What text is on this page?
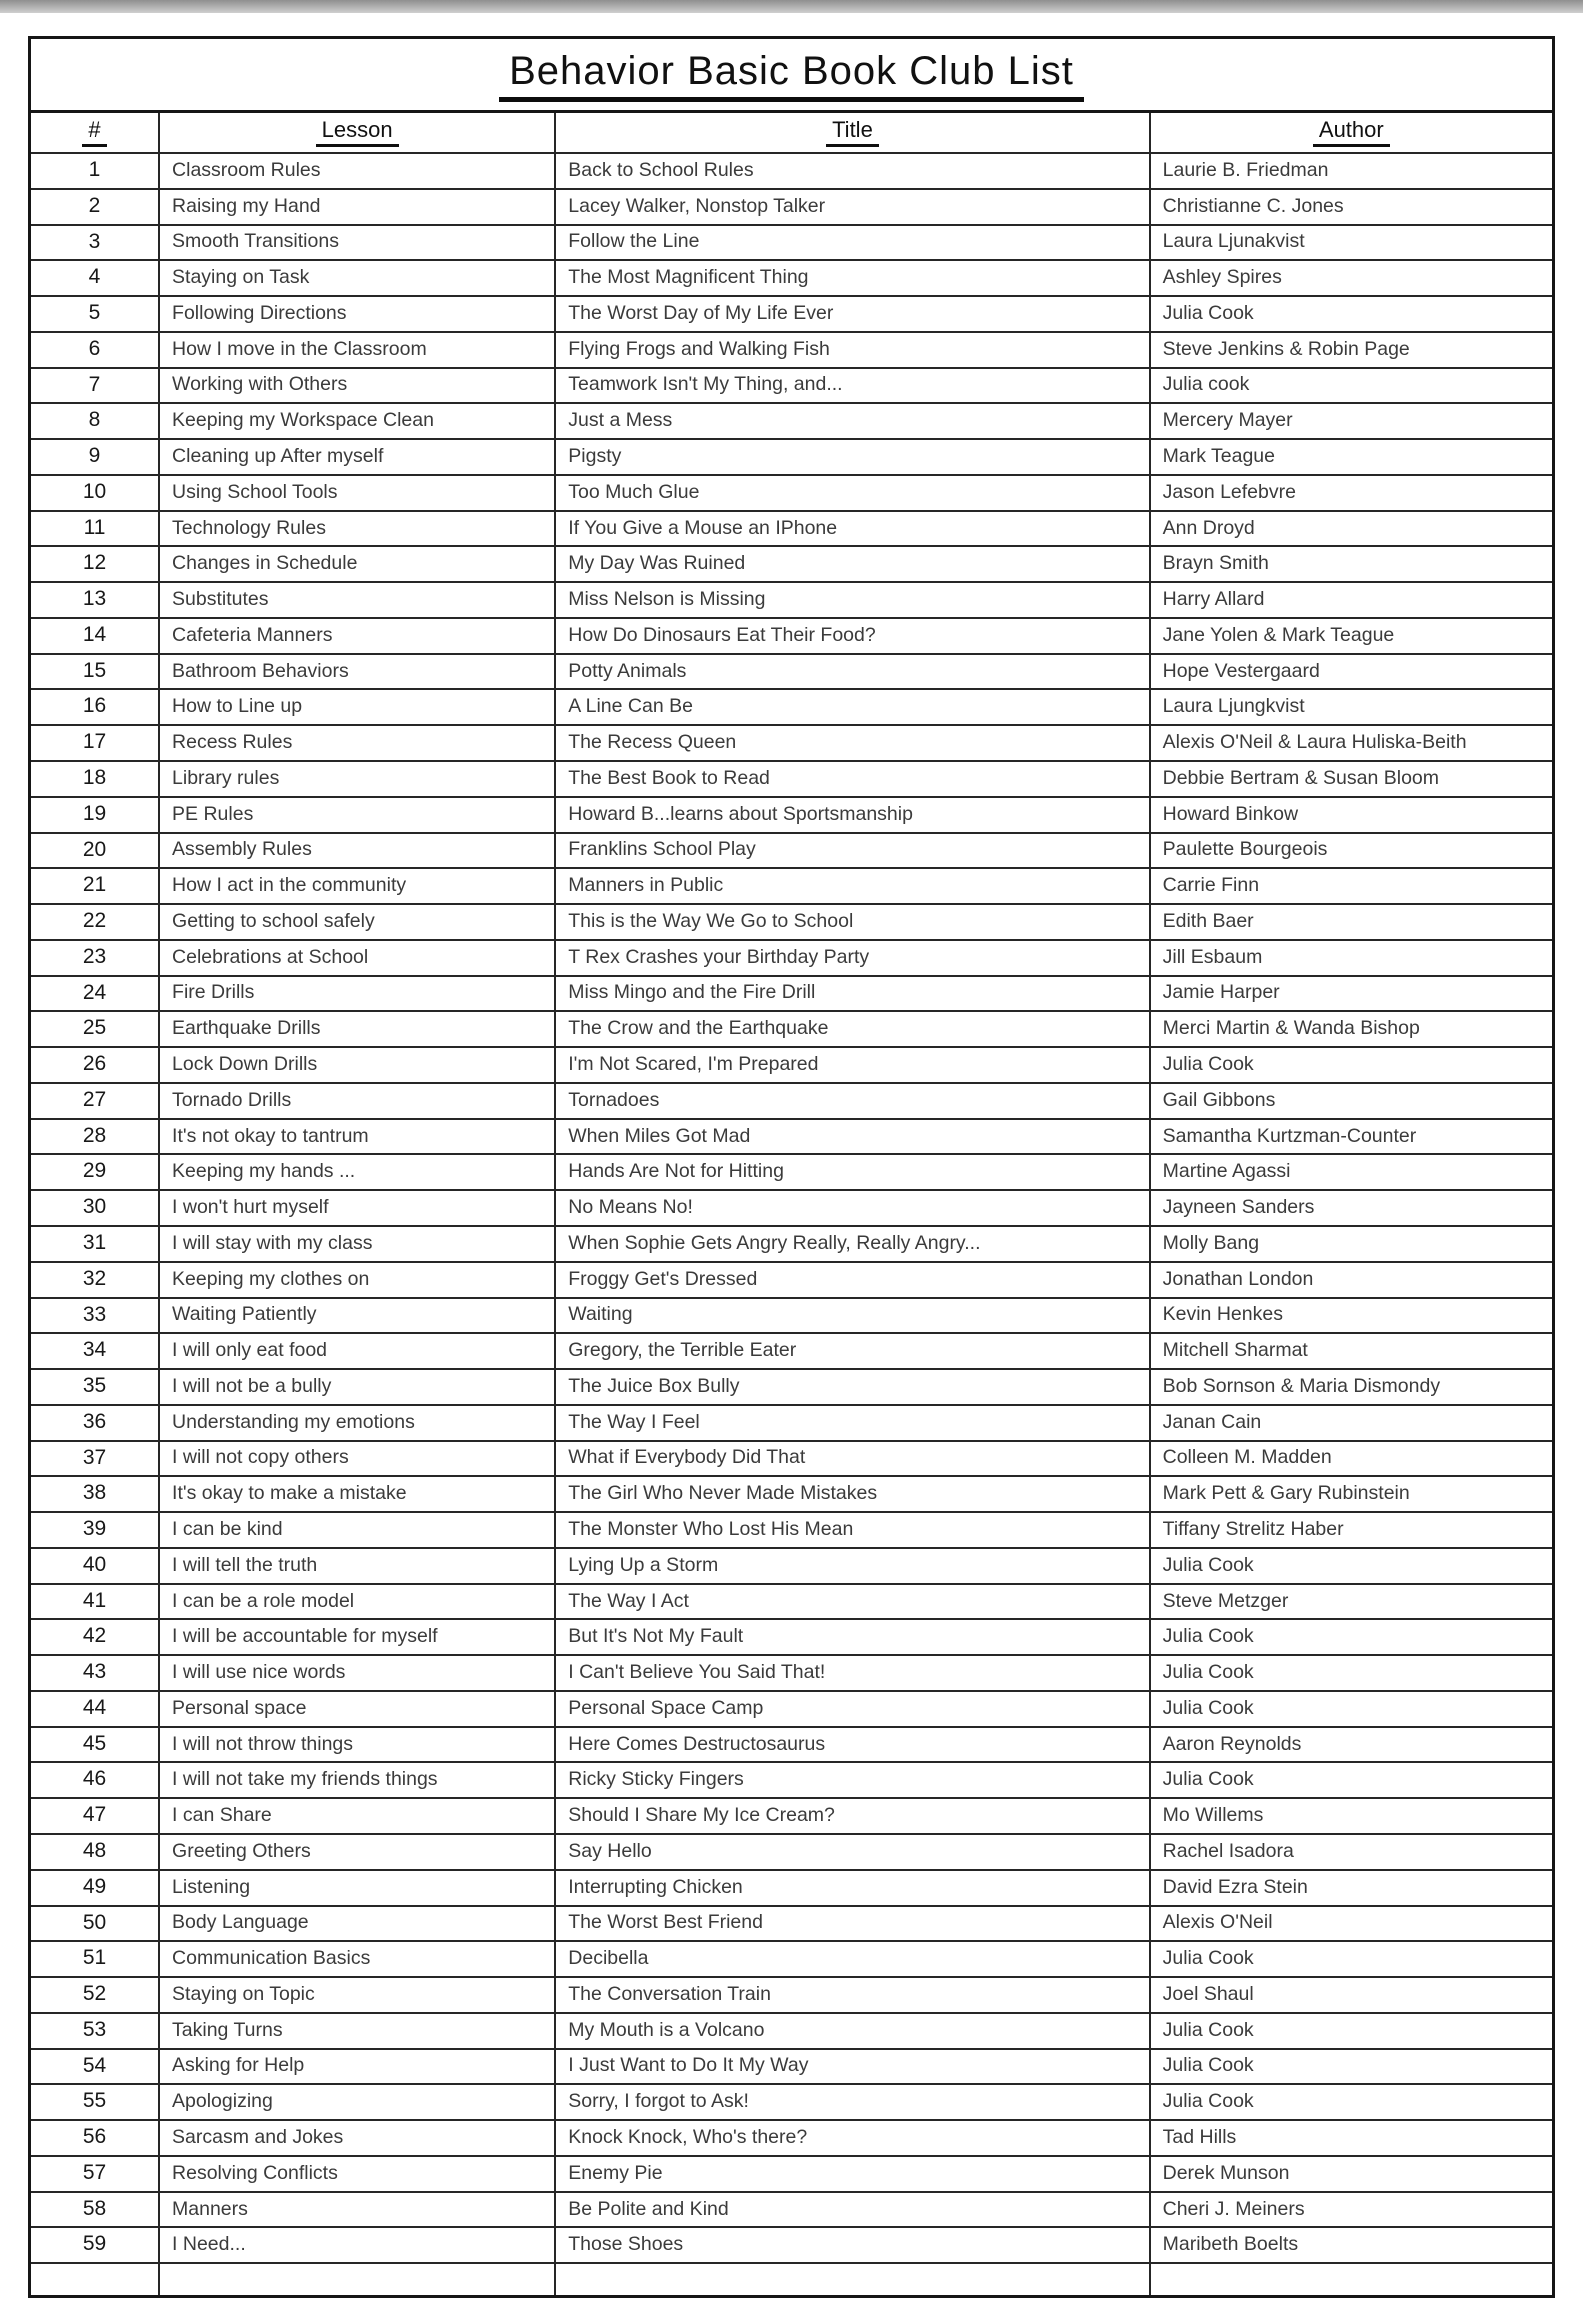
Behavior Basic Book Club List			
#	Lesson	Title	Author
1	Classroom Rules	Back to School Rules	Laurie B. Friedman
2	Raising my Hand	Lacey Walker, Nonstop Talker	Christianne C. Jones
3	Smooth Transitions	Follow the Line	Laura Ljunakvist
4	Staying on Task	The Most Magnificent Thing	Ashley Spires
5	Following Directions	The Worst Day of My Life Ever	Julia Cook
6	How I move in the Classroom	Flying Frogs and Walking Fish	Steve Jenkins & Robin Page
7	Working with Others	Teamwork Isn't My Thing, and...	Julia cook
8	Keeping my Workspace Clean	Just a Mess	Mercery Mayer
9	Cleaning up After myself	Pigsty	Mark Teague
10	Using School Tools	Too Much Glue	Jason Lefebvre
11	Technology Rules	If You Give a Mouse an IPhone	Ann Droyd
12	Changes in Schedule	My Day Was Ruined	Brayn Smith
13	Substitutes	Miss Nelson is Missing	Harry Allard
14	Cafeteria Manners	How Do Dinosaurs Eat Their Food?	Jane Yolen & Mark Teague
15	Bathroom Behaviors	Potty Animals	Hope Vestergaard
16	How to Line up	A Line Can Be	Laura Ljungkvist
17	Recess Rules	The Recess Queen	Alexis O'Neil & Laura Huliska-Beith
18	Library rules	The Best Book to Read	Debbie Bertram & Susan Bloom
19	PE Rules	Howard B...learns about Sportsmanship	Howard Binkow
20	Assembly Rules	Franklins School Play	Paulette Bourgeois
21	How I act in the community	Manners in Public	Carrie Finn
22	Getting to school safely	This is the Way We Go to School	Edith Baer
23	Celebrations at School	T Rex Crashes your Birthday Party	Jill Esbaum
24	Fire Drills	Miss Mingo and the Fire Drill	Jamie Harper
25	Earthquake Drills	The Crow and the Earthquake	Merci Martin & Wanda Bishop
26	Lock Down Drills	I'm Not Scared, I'm Prepared	Julia Cook
27	Tornado Drills	Tornadoes	Gail Gibbons
28	It's not okay to tantrum	When Miles Got Mad	Samantha Kurtzman-Counter
29	Keeping my hands ...	Hands Are Not for Hitting	Martine Agassi
30	I won't hurt myself	No Means No!	Jayneen Sanders
31	I will stay with my class	When Sophie Gets Angry Really, Really Angry...	Molly Bang
32	Keeping my clothes on	Froggy Get's Dressed	Jonathan London
33	Waiting Patiently	Waiting	Kevin Henkes
34	I will only eat food	Gregory, the Terrible Eater	Mitchell Sharmat
35	I will not be a bully	The Juice Box Bully	Bob Sornson & Maria Dismondy
36	Understanding my emotions	The Way I Feel	Janan Cain
37	I will not copy others	What if Everybody Did That	Colleen M. Madden
38	It's okay to make a mistake	The Girl Who Never Made Mistakes	Mark Pett & Gary Rubinstein
39	I can be kind	The Monster Who Lost His Mean	Tiffany Strelitz Haber
40	I will tell the truth	Lying Up a Storm	Julia Cook
41	I can be a role model	The Way I Act	Steve Metzger
42	I will be accountable for myself	But It's Not My Fault	Julia Cook
43	I will use nice words	I Can't Believe You Said That!	Julia Cook
44	Personal space	Personal Space Camp	Julia Cook
45	I will not throw things	Here Comes Destructosaurus	Aaron Reynolds
46	I will not take my friends things	Ricky Sticky Fingers	Julia Cook
47	I can Share	Should I Share My Ice Cream?	Mo Willems
48	Greeting Others	Say Hello	Rachel Isadora
49	Listening	Interrupting Chicken	David Ezra Stein
50	Body Language	The Worst Best Friend	Alexis O'Neil
51	Communication Basics	Decibella	Julia Cook
52	Staying on Topic	The Conversation Train	Joel Shaul
53	Taking Turns	My Mouth is a Volcano	Julia Cook
54	Asking for Help	I Just Want to Do It My Way	Julia Cook
55	Apologizing	Sorry, I forgot to Ask!	Julia Cook
56	Sarcasm and Jokes	Knock Knock, Who's there?	Tad Hills
57	Resolving Conflicts	Enemy Pie	Derek Munson
58	Manners	Be Polite and Kind	Cheri J. Meiners
59	I Need...	Those Shoes	Maribeth Boelts
